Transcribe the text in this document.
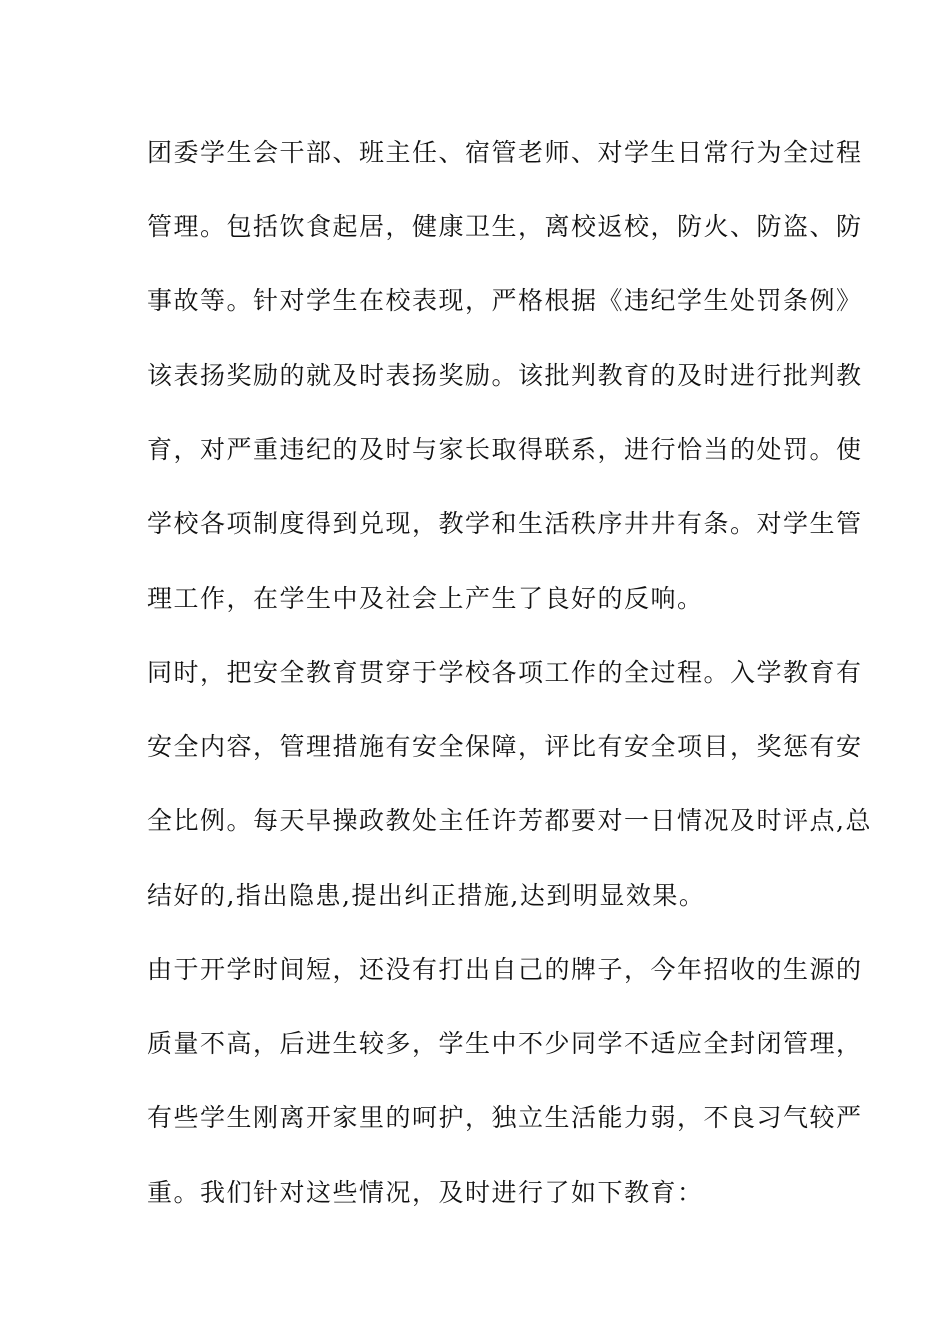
团委学生会干部、班主任、宿管老师、对学生日常行为全过程
管理。包括饮食起居，健康卫生，离校返校，防火、防盗、防
事故等。针对学生在校表现，严格根据《违纪学生处罚条例》
该表扬奖励的就及时表扬奖励。该批判教育的及时进行批判教
育，对严重违纪的及时与家长取得联系，进行恰当的处罚。使
学校各项制度得到兑现，教学和生活秩序井井有条。对学生管
理工作，在学生中及社会上产生了良好的反响。
同时，把安全教育贯穿于学校各项工作的全过程。入学教育有
安全内容，管理措施有安全保障，评比有安全项目，奖惩有安
全比例。每天早操政教处主任许芳都要对一日情况及时评点,总
结好的,指出隐患,提出纠正措施,达到明显效果。
由于开学时间短，还没有打出自己的牌子，今年招收的生源的
质量不高，后进生较多，学生中不少同学不适应全封闭管理，
有些学生刚离开家里的呵护，独立生活能力弱，不良习气较严
重。我们针对这些情况，及时进行了如下教育：
